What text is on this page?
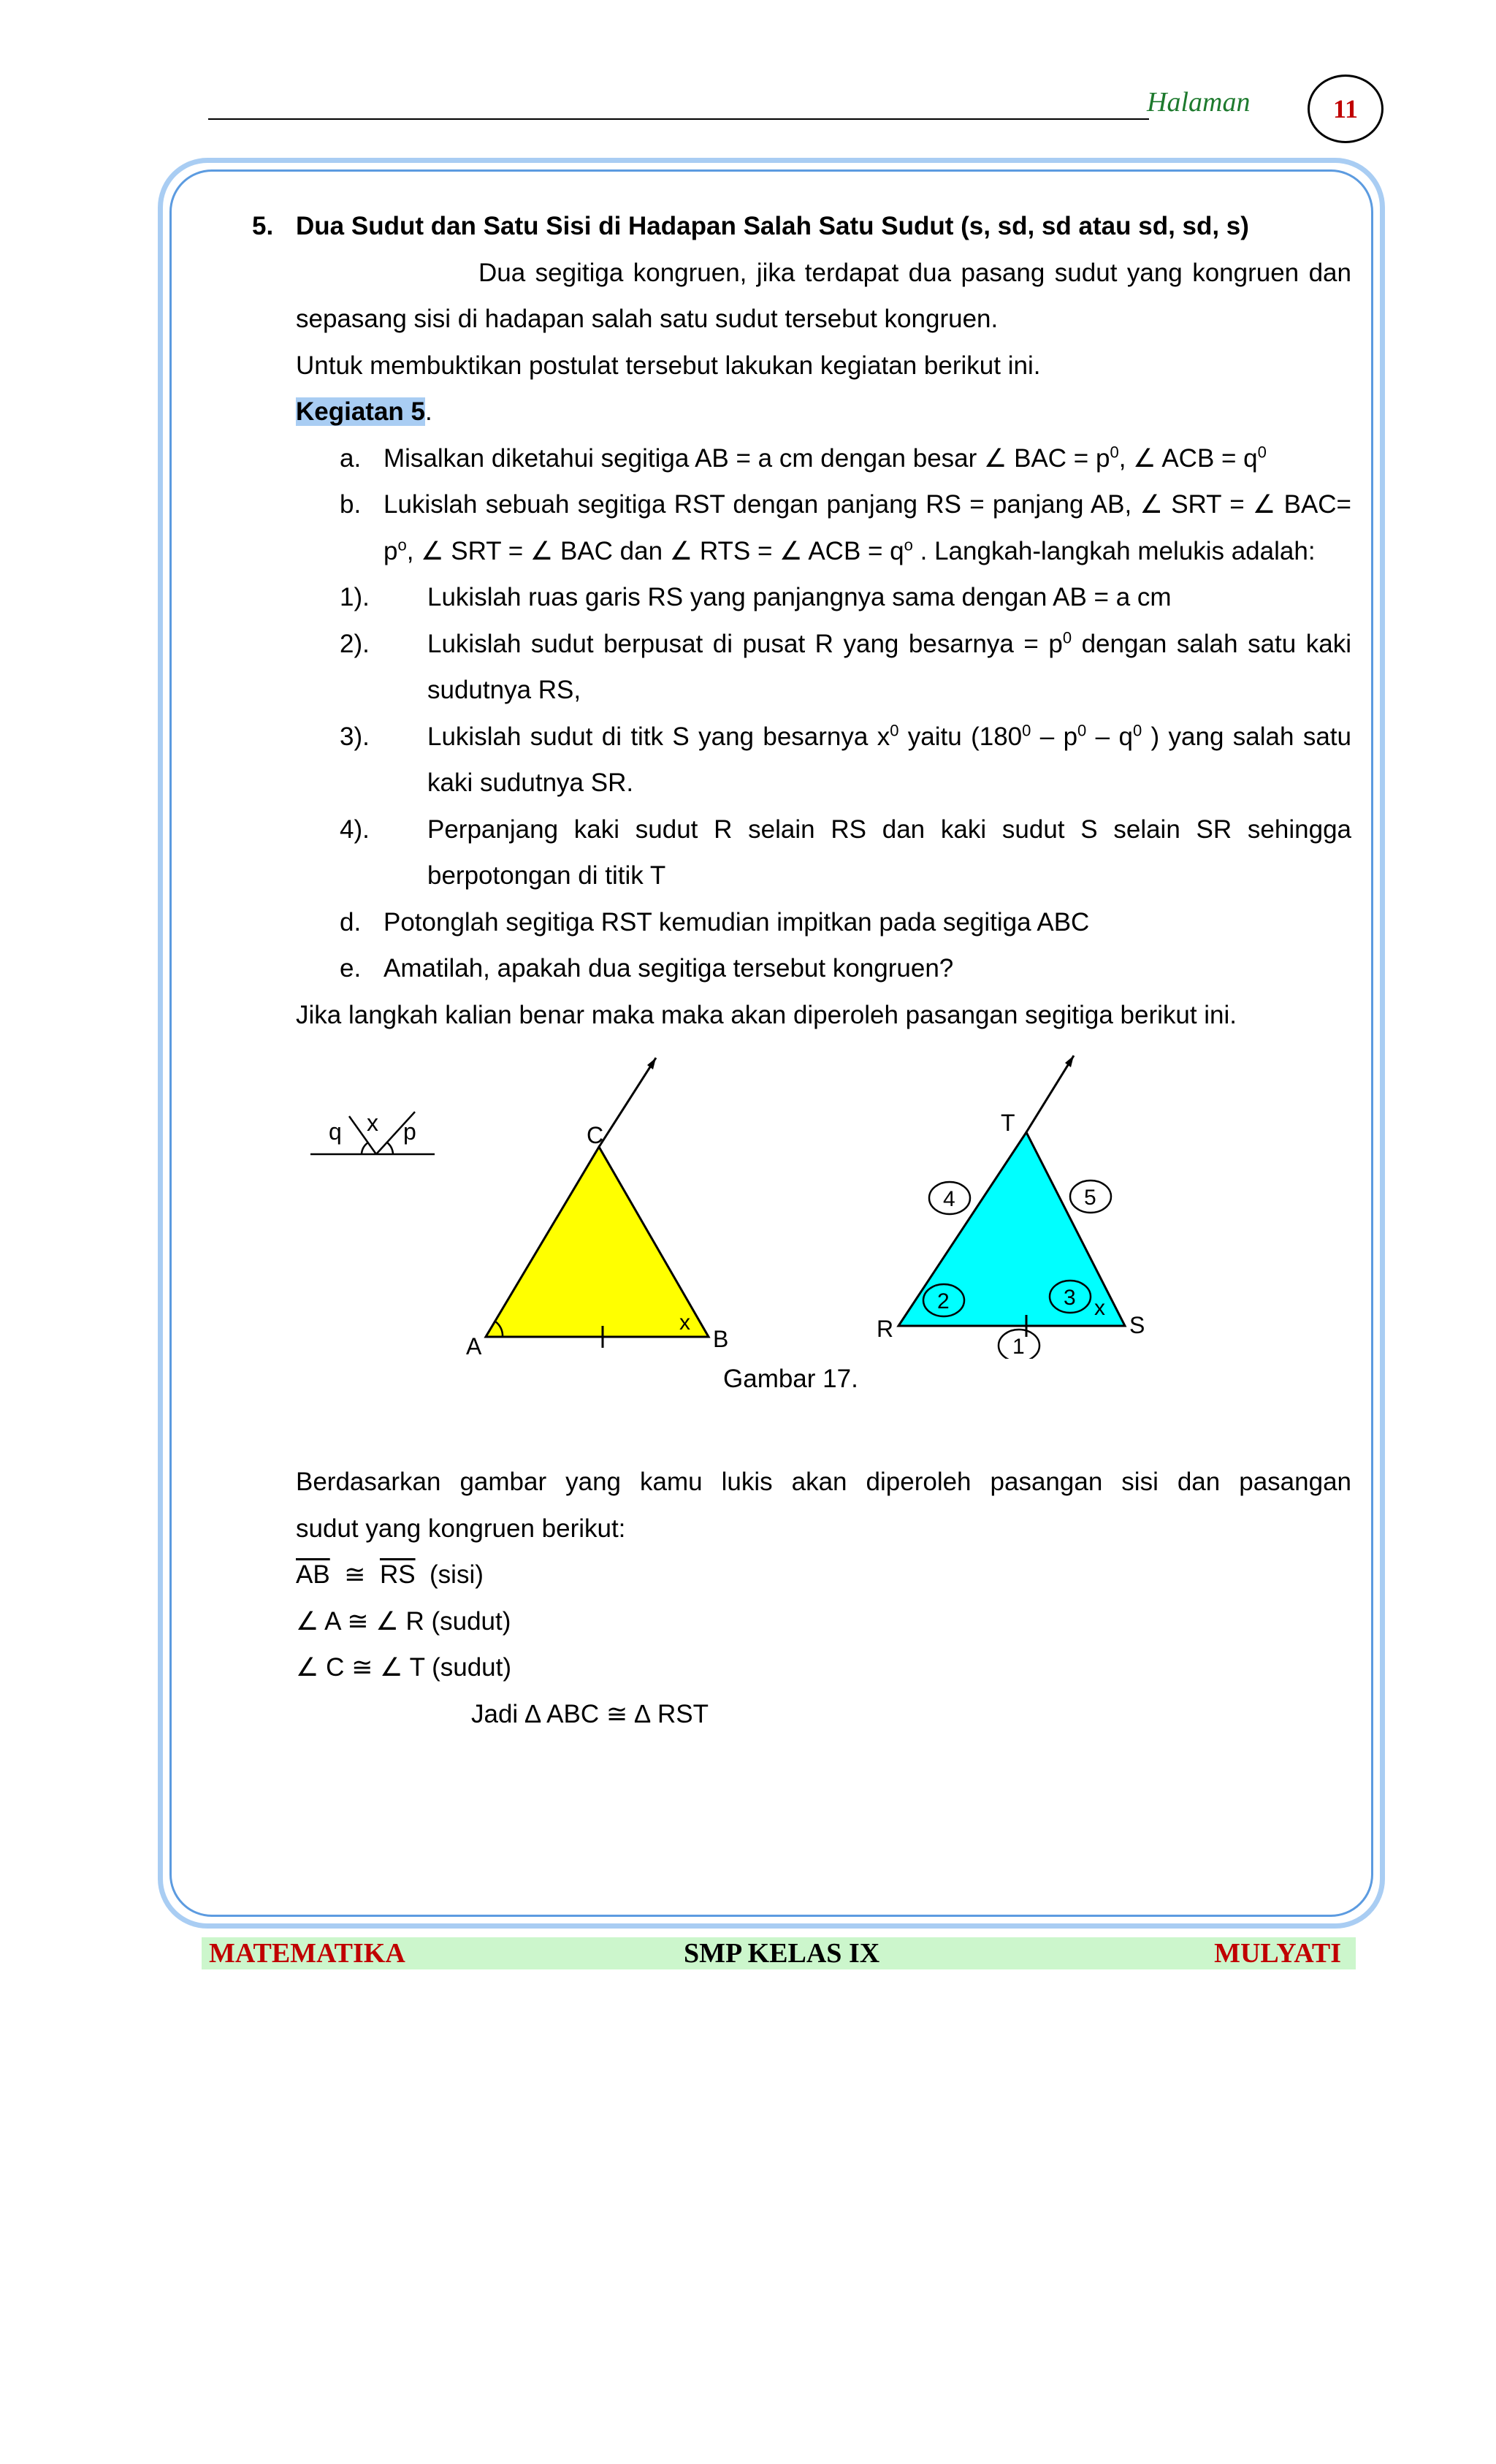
Halaman	11
5. Dua Sudut dan Satu Sisi di Hadapan Salah Satu Sudut (s, sd, sd atau sd, sd, s)
Dua segitiga kongruen, jika terdapat dua pasang sudut yang kongruen dan
sepasang sisi di hadapan salah satu sudut tersebut kongruen.
Untuk membuktikan postulat tersebut lakukan kegiatan berikut ini.
Kegiatan 5.
a. Misalkan diketahui segitiga AB = a cm dengan besar ∠ BAC = $p^0$, ∠ ACB = $q^0$
b. Lukislah sebuah segitiga RST dengan panjang RS = panjang AB, ∠ SRT = ∠ BAC=
$p^o$, ∠ SRT = ∠ BAC dan ∠ RTS = ∠ ACB = $q^o$ . Langkah-langkah melukis adalah:
1). Lukislah ruas garis RS yang panjangnya sama dengan AB = a cm
2). Lukislah sudut berpusat di pusat R yang besarnya = $p^0$ dengan salah satu kaki
sudutnya RS,
3). Lukislah sudut di titk S yang besarnya $x^0$ yaitu ($180^0 - p^0 - q^0$ ) yang salah satu
kaki sudutnya SR.
4). Perpanjang kaki sudut R selain RS dan kaki sudut S selain SR sehingga
berpotongan di titik T
d. Potonglah segitiga RST kemudian impitkan pada segitiga ABC
e. Amatilah, apakah dua segitiga tersebut kongruen?
Jika langkah kalian benar maka maka akan diperoleh pasangan segitiga berikut ini.
q x p
A	B
C
x	R	S
T
x
1
2	3
4	5
Gambar 17.
Berdasarkan gambar yang kamu lukis akan diperoleh pasangan sisi dan pasangan
sudut yang kongruen berikut:
$\overline{AB}$  ≅  $\overline{RS}$  (sisi)
∠ A ≅ ∠ R (sudut)
∠ C ≅ ∠ T (sudut)
Jadi ∆ ABC ≅ ∆ RST
MATEMATIKA	SMP KELAS IX	MULYATI
